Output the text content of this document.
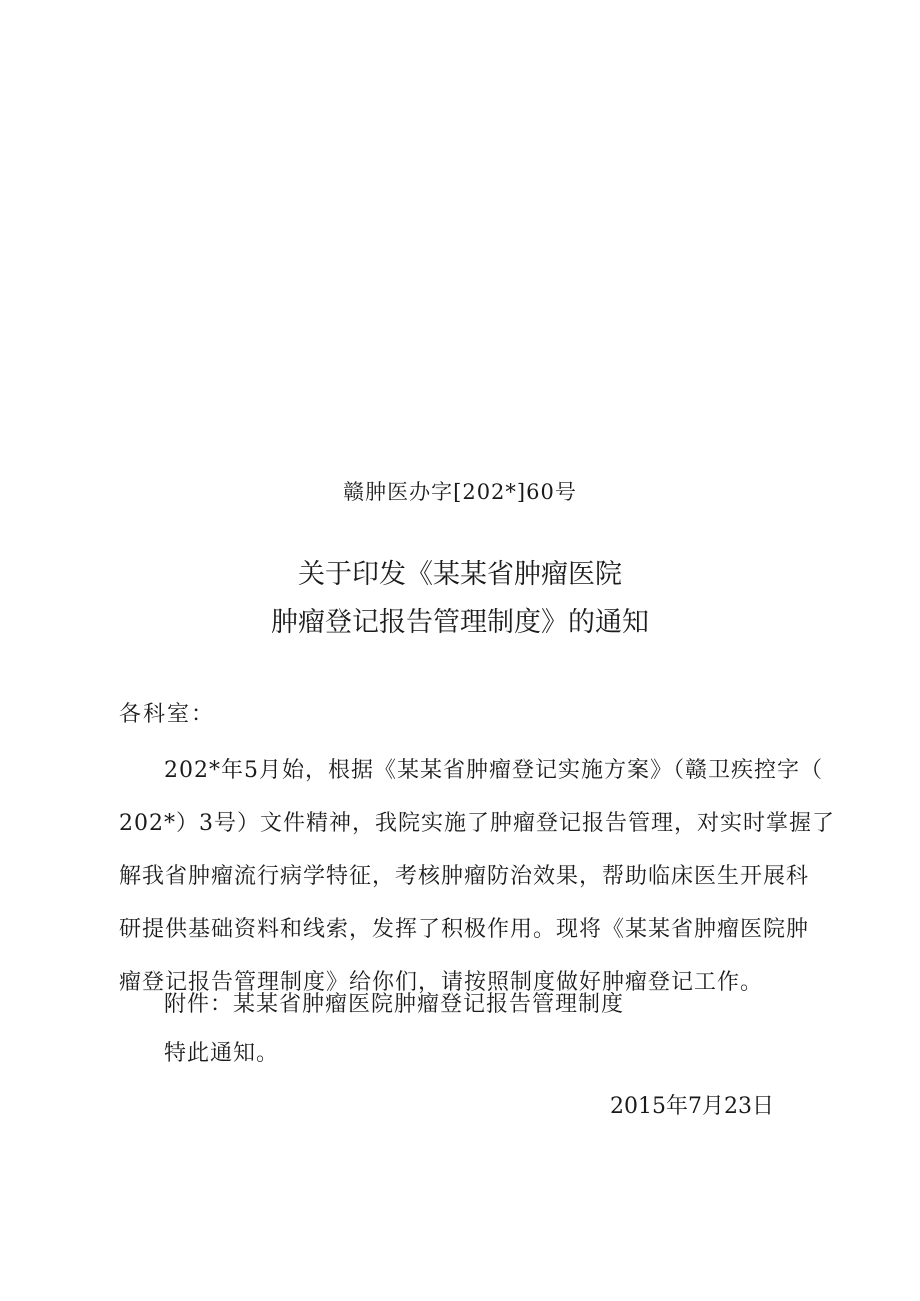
赣肿医办字[202*]60号
关于印发《某某省肿瘤医院
肿瘤登记报告管理制度》的通知
各科室：
202*年5月始，根据《某某省肿瘤登记实施方案》（赣卫疾控字（
202*）3号）文件精神，我院实施了肿瘤登记报告管理，对实时掌握了
解我省肿瘤流行病学特征，考核肿瘤防治效果，帮助临床医生开展科
研提供基础资料和线索，发挥了积极作用。现将《某某省肿瘤医院肿
瘤登记报告管理制度》给你们，请按照制度做好肿瘤登记工作。
附件：某某省肿瘤医院肿瘤登记报告管理制度
特此通知。
2015年7月23日
